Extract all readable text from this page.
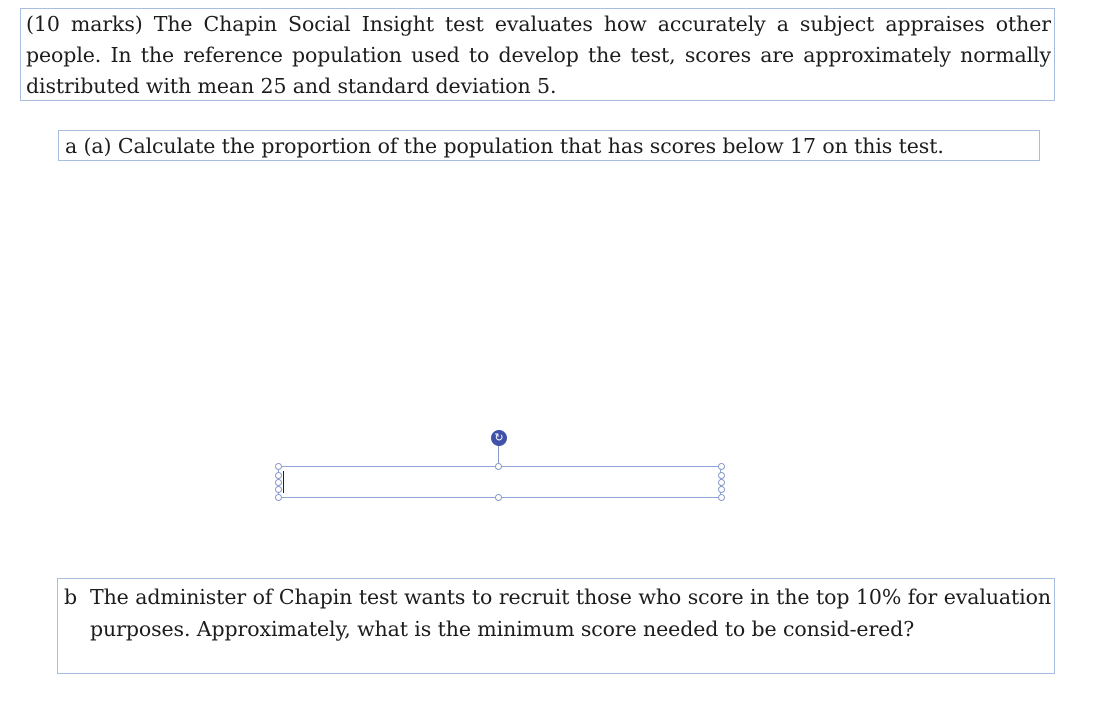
(10 marks) The Chapin Social Insight test evaluates how accurately a subject appraises other people. In the reference population used to develop the test, scores are approximately normally distributed with mean 25 and standard deviation 5.
a (a) Calculate the proportion of the population that has scores below 17 on this test.
↻
b The administer of Chapin test wants to recruit those who score in the top 10% for evaluation purposes. Approximately, what is the minimum score needed to be consid-ered?
